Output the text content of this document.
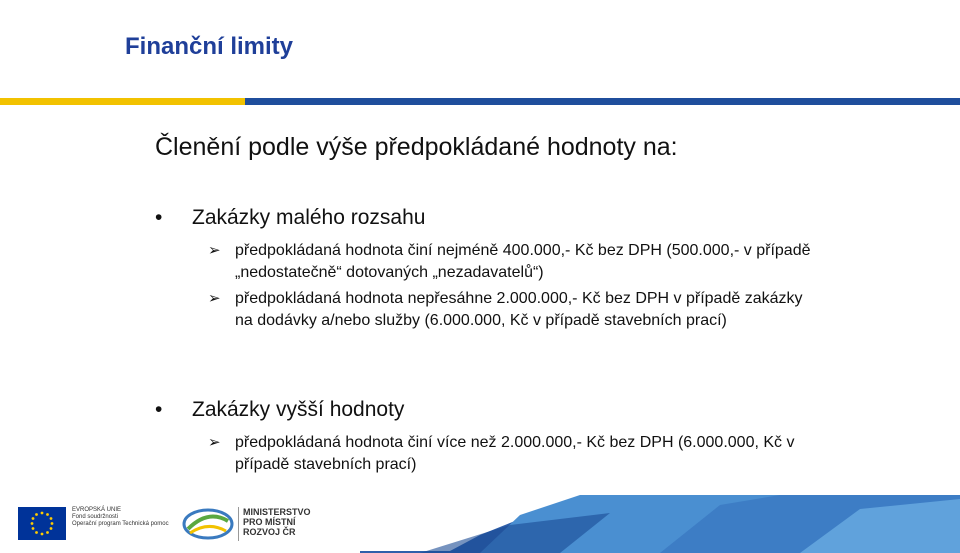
Finanční limity
Členění podle výše předpokládané hodnoty na:
• Zakázky malého rozsahu
➢ předpokládaná hodnota činí nejméně 400.000,- Kč bez DPH (500.000,- v případě „nedostatečně“ dotovaných „nezadavatelů“)
➢ předpokládaná hodnota nepřesáhne 2.000.000,- Kč bez DPH v případě zakázky na dodávky a/nebo služby (6.000.000, Kč v případě stavebních prací)
• Zakázky vyšší hodnoty
➢ předpokládaná hodnota činí více než 2.000.000,- Kč bez DPH (6.000.000, Kč v případě stavebních prací)
EVROPSKÁ UNIE
Fond soudržnosti
Operační program Technická pomoc
MINISTERSTVO
PRO MÍSTNÍ
ROZVOJ ČR
